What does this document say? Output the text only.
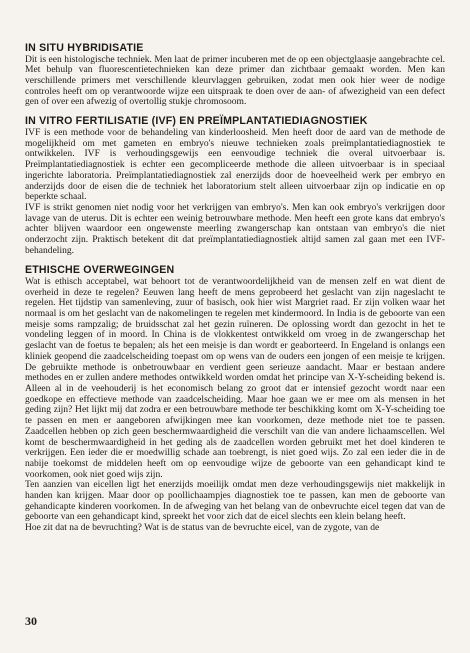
IN SITU HYBRIDISATIE

Dit is een histologische techniek. Men laat de primer incuberen met de op een objectglaasje aangebrachte cel. Met behulp van fluorescentietechnieken kan deze primer dan zichtbaar gemaakt worden. Men kan verschillende primers met verschillende kleurvlaggen gebruiken, zodat men ook hier weer de nodige controles heeft om op verantwoorde wijze een uitspraak te doen over de aan- of afwezigheid van een defect gen of over een afwezig of overtollig stukje chromosoom.

IN VITRO FERTILISATIE (IVF) EN PREÏMPLANTATIEDIAGNOSTIEK

IVF is een methode voor de behandeling van kinderloosheid. Men heeft door de aard van de methode de mogelijkheid om met gameten en embryo's nieuwe technieken zoals preïmplantatiediagnostiek te ontwikkelen. IVF is verhoudingsgewijs een eenvoudige techniek die overal uitvoerbaar is. Preïmplantatiediagnostiek is echter een gecompliceerde methode die alleen uitvoerbaar is in speciaal ingerichte laboratoria. Preïmplantatiediagnostiek zal enerzijds door de hoeveelheid werk per embryo en anderzijds door de eisen die de techniek het laboratorium stelt alleen uitvoerbaar zijn op indicatie en op beperkte schaal.

IVF is strikt genomen niet nodig voor het verkrijgen van embryo's. Men kan ook embryo's verkrijgen door lavage van de uterus. Dit is echter een weinig betrouwbare methode. Men heeft een grote kans dat embryo's achter blijven waardoor een ongewenste meerling zwangerschap kan ontstaan van embryo's die niet onderzocht zijn. Praktisch betekent dit dat preïmplantatiediagnostiek altijd samen zal gaan met een IVF-behandeling.

ETHISCHE OVERWEGINGEN

Wat is ethisch acceptabel, wat behoort tot de verantwoordelijkheid van de mensen zelf en wat dient de overheid in deze te regelen? Eeuwen lang heeft de mens geprobeerd het geslacht van zijn nageslacht te regelen. Het tijdstip van samenleving, zuur of basisch, ook hier wist Margriet raad. Er zijn volken waar het normaal is om het geslacht van de nakomelingen te regelen met kindermoord. In India is de geboorte van een meisje soms rampzalig; de bruidsschat zal het gezin ruïneren. De oplossing wordt dan gezocht in het te vondeling leggen of in moord. In China is de vlokkentest ontwikkeld om vroeg in de zwangerschap het geslacht van de foetus te bepalen; als het een meisje is dan wordt er geaborteerd. In Engeland is onlangs een kliniek geopend die zaadcelscheiding toepast om op wens van de ouders een jongen of een meisje te krijgen. De gebruikte methode is onbetrouwbaar en verdient geen serieuze aandacht. Maar er bestaan andere methodes en er zullen andere methodes ontwikkeld worden omdat het principe van X-Y-scheiding bekend is. Alleen al in de veehouderij is het economisch belang zo groot dat er intensief gezocht wordt naar een goedkope en effectieve methode van zaadcelscheiding. Maar hoe gaan we er mee om als mensen in het geding zijn? Het lijkt mij dat zodra er een betrouwbare methode ter beschikking komt om X-Y-scheiding toe te passen en men er aangeboren afwijkingen mee kan voorkomen, deze methode niet toe te passen. Zaadcellen hebben op zich geen beschermwaardigheid die verschilt van die van andere lichaamscellen. Wel komt de beschermwaardigheid in het geding als de zaadcellen worden gebruikt met het doel kinderen te verkrijgen. Een ieder die er moedwillig schade aan toebrengt, is niet goed wijs. Zo zal een ieder die in de nabije toekomst de middelen heeft om op eenvoudige wijze de geboorte van een gehandicapt kind te voorkomen, ook niet goed wijs zijn.

Ten aanzien van eicellen ligt het enerzijds moeilijk omdat men deze verhoudingsgewijs niet makkelijk in handen kan krijgen. Maar door op poollichaampjes diagnostiek toe te passen, kan men de geboorte van gehandicapte kinderen voorkomen. In de afweging van het belang van de onbevruchte eicel tegen dat van de geboorte van een gehandicapt kind, spreekt het voor zich dat de eicel slechts een klein belang heeft.

Hoe zit dat na de bevruchting? Wat is de status van de bevruchte eicel, van de zygote, van de

30
